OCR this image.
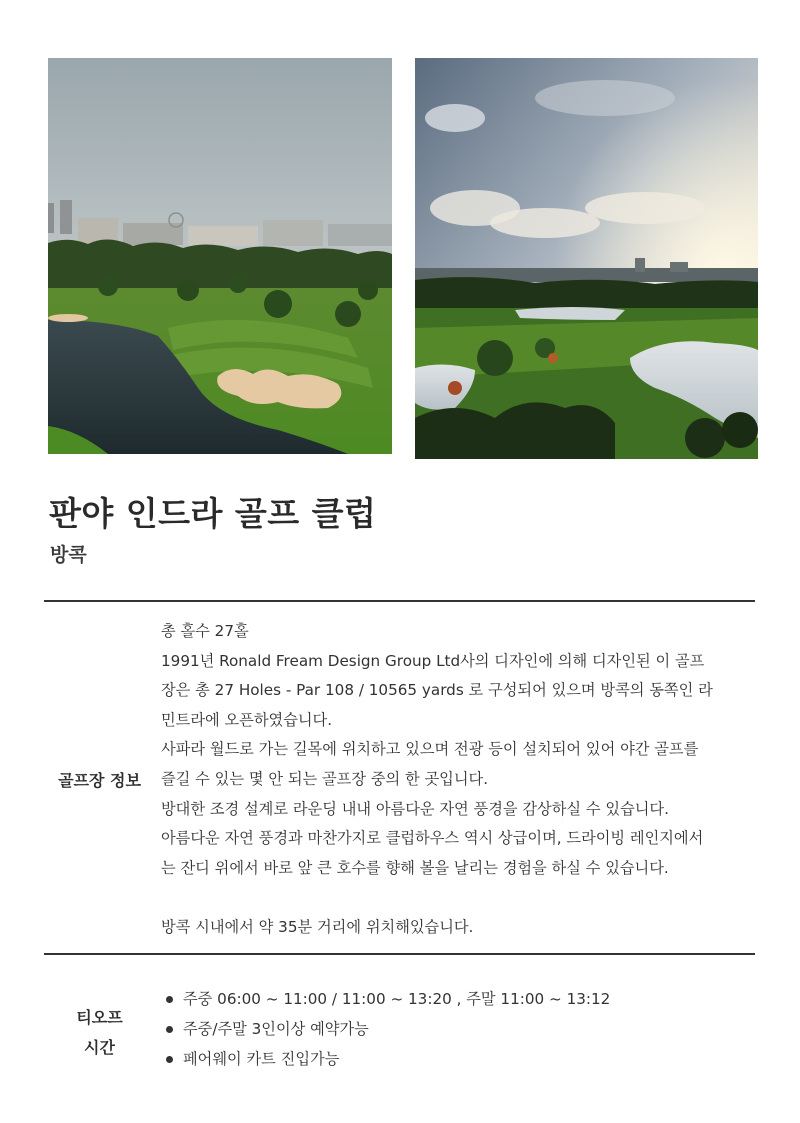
판야 인드라 골프 클럽
방콕
골프장 정보

총 홀수 27홀

1991년 Ronald Fream Design Group Ltd사의 디자인에 의해 디자인된 이 골프

장은 총 27 Holes - Par 108 / 10565 yards 로 구성되어 있으며 방콕의 동쪽인 라

민트라에 오픈하였습니다.

사파라 월드로 가는 길목에 위치하고 있으며 전광 등이 설치되어 있어 야간 골프를

즐길 수 있는 몇 안 되는 골프장 중의 한 곳입니다.

방대한 조경 설계로 라운딩 내내 아름다운 자연 풍경을 감상하실 수 있습니다.

아름다운 자연 풍경과 마찬가지로 클럽하우스 역시 상급이며, 드라이빙 레인지에서

는 잔디 위에서 바로 앞 큰 호수를 향해 볼을 날리는 경험을 하실 수 있습니다.

방콕 시내에서 약 35분 거리에 위치해있습니다.

티오프
시간
주중 06:00 ~ 11:00 / 11:00 ~ 13:20 , 주말 11:00 ~ 13:12
주중/주말 3인이상 예약가능
페어웨이 카트 진입가능
